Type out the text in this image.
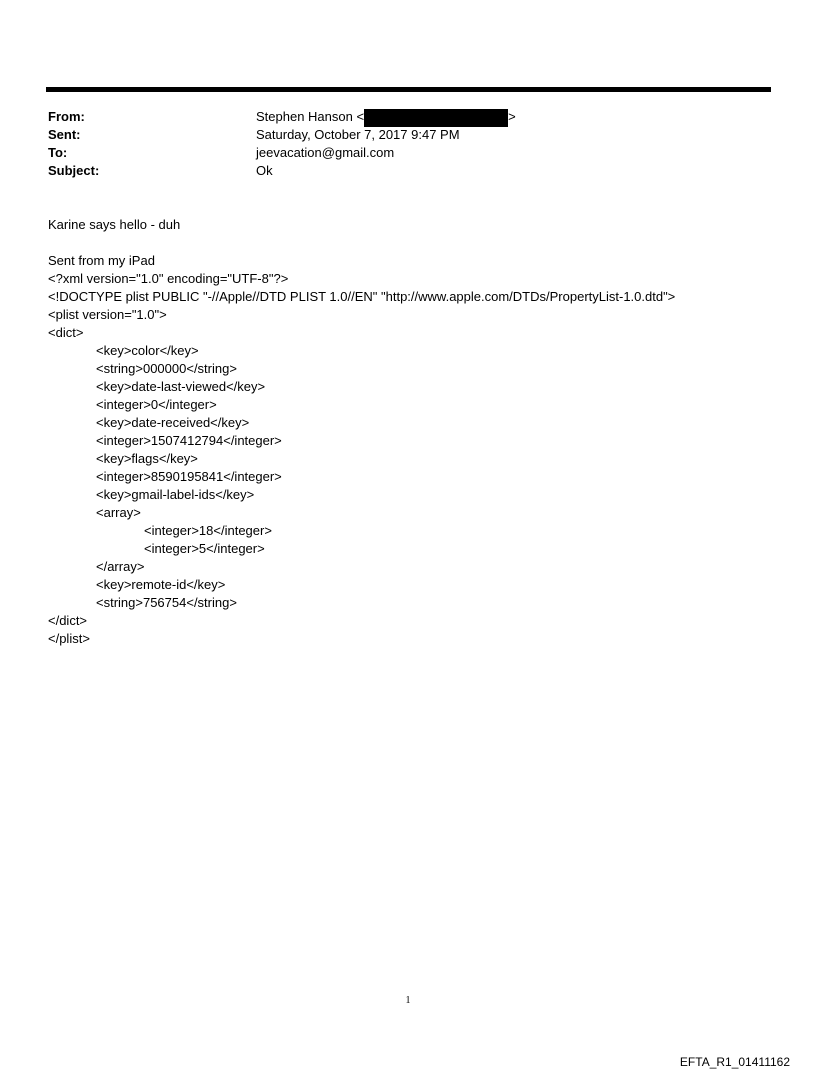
From:	Stephen Hanson <	>
Sent:	Saturday, October 7, 2017 9:47 PM
To:	jeevacation@gmail.com
Subject:	Ok
Karine says hello - duh
Sent from my iPad
<?xml version="1.0" encoding="UTF-8"?>
<!DOCTYPE plist PUBLIC "-//Apple//DTD PLIST 1.0//EN" "http://www.apple.com/DTDs/PropertyList-1.0.dtd">
<plist version="1.0">
<dict>
<key>color</key>
<string>000000</string>
<key>date-last-viewed</key>
<integer>0</integer>
<key>date-received</key>
<integer>1507412794</integer>
<key>flags</key>
<integer>8590195841</integer>
<key>gmail-label-ids</key>
<array>
<integer>18</integer>
<integer>5</integer>
</array>
<key>remote-id</key>
<string>756754</string>
</dict>
</plist>
1
EFTA_R1_01411162
